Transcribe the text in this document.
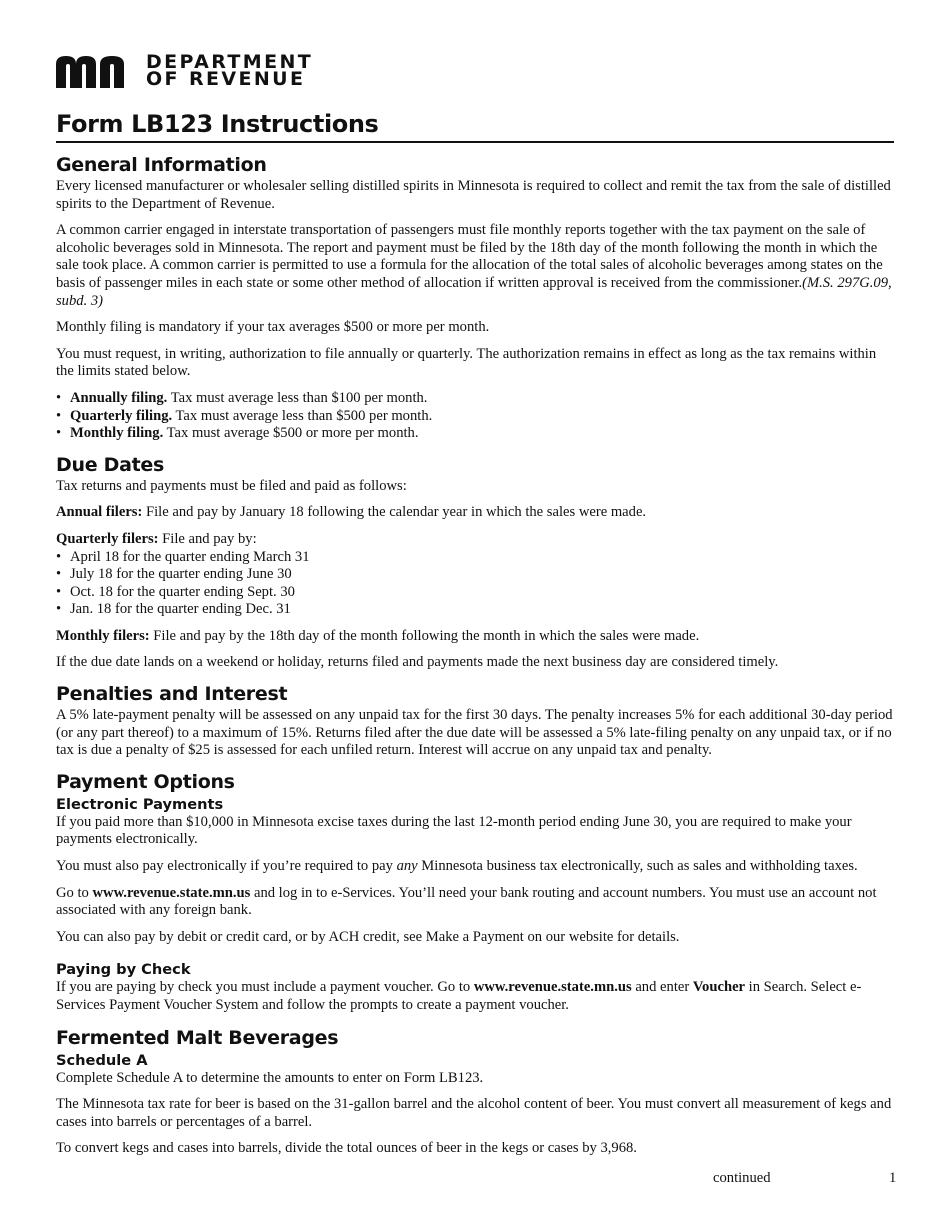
DEPARTMENT
OF REVENUE
Form LB123 Instructions
General Information

Every licensed manufacturer or wholesaler selling distilled spirits in Minnesota is required to collect and remit the tax from the sale of distilled spirits to the Department of Revenue.

A common carrier engaged in interstate transportation of passengers must file monthly reports together with the tax payment on the sale of alcoholic beverages sold in Minnesota. The report and payment must be filed by the 18th day of the month following the month in which the sale took place. A common carrier is permitted to use a formula for the allocation of the total sales of alcoholic beverages among states on the basis of passenger miles in each state or some other method of allocation if written approval is received from the commissioner.(M.S. 297G.09, subd. 3)

Monthly filing is mandatory if your tax averages $500 or more per month.

You must request, in writing, authorization to file annually or quarterly. The authorization remains in effect as long as the tax remains within the limits stated below.

• Annually filing. Tax must average less than $100 per month.
• Quarterly filing. Tax must average less than $500 per month.
• Monthly filing. Tax must average $500 or more per month.
Due Dates

Tax returns and payments must be filed and paid as follows:

Annual filers: File and pay by January 18 following the calendar year in which the sales were made.

Quarterly filers: File and pay by:
• April 18 for the quarter ending March 31
• July 18 for the quarter ending June 30
• Oct. 18 for the quarter ending Sept. 30
• Jan. 18 for the quarter ending Dec. 31

Monthly filers: File and pay by the 18th day of the month following the month in which the sales were made.

If the due date lands on a weekend or holiday, returns filed and payments made the next business day are considered timely.

Penalties and Interest

A 5% late-payment penalty will be assessed on any unpaid tax for the first 30 days. The penalty increases 5% for each additional 30-day period (or any part thereof) to a maximum of 15%. Returns filed after the due date will be assessed a 5% late-filing penalty on any unpaid tax, or if no tax is due a penalty of $25 is assessed for each unfiled return. Interest will accrue on any unpaid tax and penalty.

Payment Options
Electronic Payments

If you paid more than $10,000 in Minnesota excise taxes during the last 12-month period ending June 30, you are required to make your payments electronically.

You must also pay electronically if you’re required to pay any Minnesota business tax electronically, such as sales and withholding taxes.

Go to www.revenue.state.mn.us and log in to e-Services. You’ll need your bank routing and account numbers. You must use an account not associated with any foreign bank.

You can also pay by debit or credit card, or by ACH credit, see Make a Payment on our website for details.

Paying by Check

If you are paying by check you must include a payment voucher. Go to www.revenue.state.mn.us and enter Voucher in Search. Select e-Services Payment Voucher System and follow the prompts to create a payment voucher.

Fermented Malt Beverages
Schedule A

Complete Schedule A to determine the amounts to enter on Form LB123.

The Minnesota tax rate for beer is based on the 31-gallon barrel and the alcohol content of beer. You must convert all measurement of kegs and cases into barrels or percentages of a barrel.

To convert kegs and cases into barrels, divide the total ounces of beer in the kegs or cases by 3,968.

continued	1
